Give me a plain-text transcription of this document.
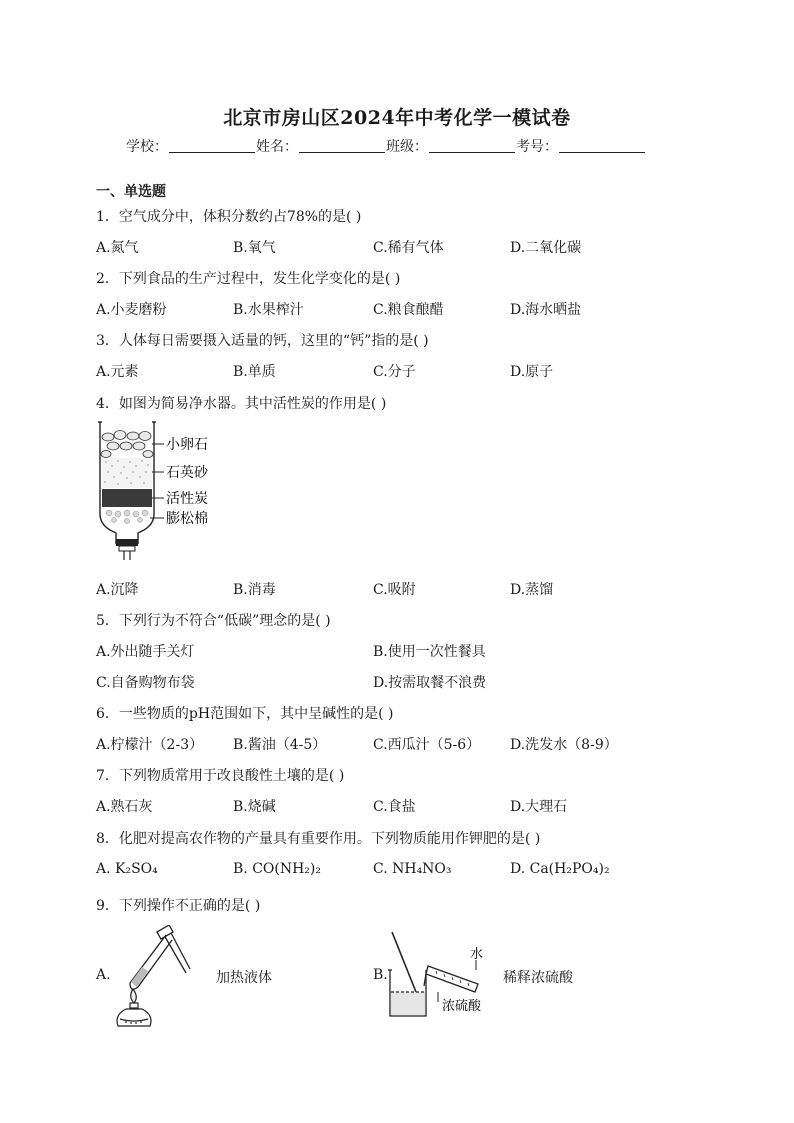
北京市房山区2024年中考化学一模试卷
学校：	姓名：	班级：	考号：
一、单选题
1．空气成分中，体积分数约占78%的是( )
A.氮气	B.氧气	C.稀有气体	D.二氧化碳
2．下列食品的生产过程中，发生化学变化的是( )
A.小麦磨粉	B.水果榨汁	C.粮食酿醋	D.海水晒盐
3．人体每日需要摄入适量的钙，这里的“钙”指的是( )
A.元素	B.单质	C.分子	D.原子
4．如图为简易净水器。其中活性炭的作用是( )
小卵石
石英砂
活性炭
膨松棉
A.沉降	B.消毒	C.吸附	D.蒸馏
5．下列行为不符合“低碳”理念的是( )
A.外出随手关灯	B.使用一次性餐具
C.自备购物布袋	D.按需取餐不浪费
6．一些物质的pH范围如下，其中呈碱性的是( )
A.柠檬汁（2-3） B.酱油（4-5）	C.西瓜汁（5-6） D.洗发水（8-9）
7．下列物质常用于改良酸性土壤的是( )
A.熟石灰	B.烧碱	C.食盐	D.大理石
8．化肥对提高农作物的产量具有重要作用。下列物质能用作钾肥的是( )
A. K₂SO₄	B. CO(NH₂)₂	C. NH₄NO₃	D. Ca(H₂PO₄)₂
9．下列操作不正确的是( )
A.	加热液体	B.
水
浓硫酸
稀释浓硫酸
